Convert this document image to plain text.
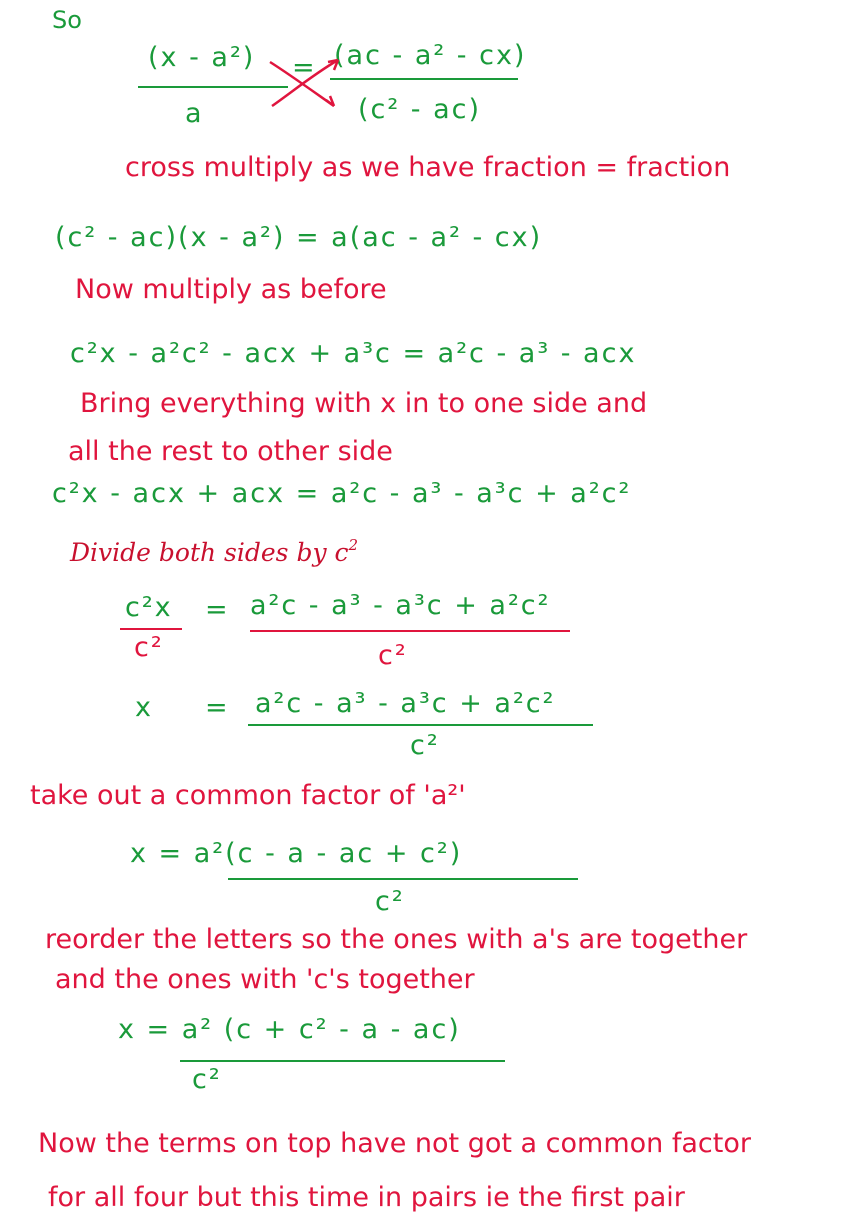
So
(x - a²)
a
= (ac - a² - cx)
(c² - ac)
cross multiply as we have fraction = fraction
(c² - ac)(x - a²) = a(ac - a² - cx)
Now multiply as before
c²x - a²c² - acx + a³c = a²c - a³ - acx
Bring everything with x in to one side and
all the rest to other side
c²x - acx + acx = a²c - a³ - a³c + a²c²
Divide both sides by $c^2$
c²x
c²
= a²c - a³ - a³c + a²c²
c²
x = a²c - a³ - a³c + a²c²
c²
take out a common factor of 'a²'
x = a²(c - a - ac + c²)
c²
reorder the letters so the ones with a's are together
and the ones with 'c's together
x = a² (c + c² - a - ac)
c²
Now the terms on top have not got a common factor
for all four but this time in pairs ie the first pair
